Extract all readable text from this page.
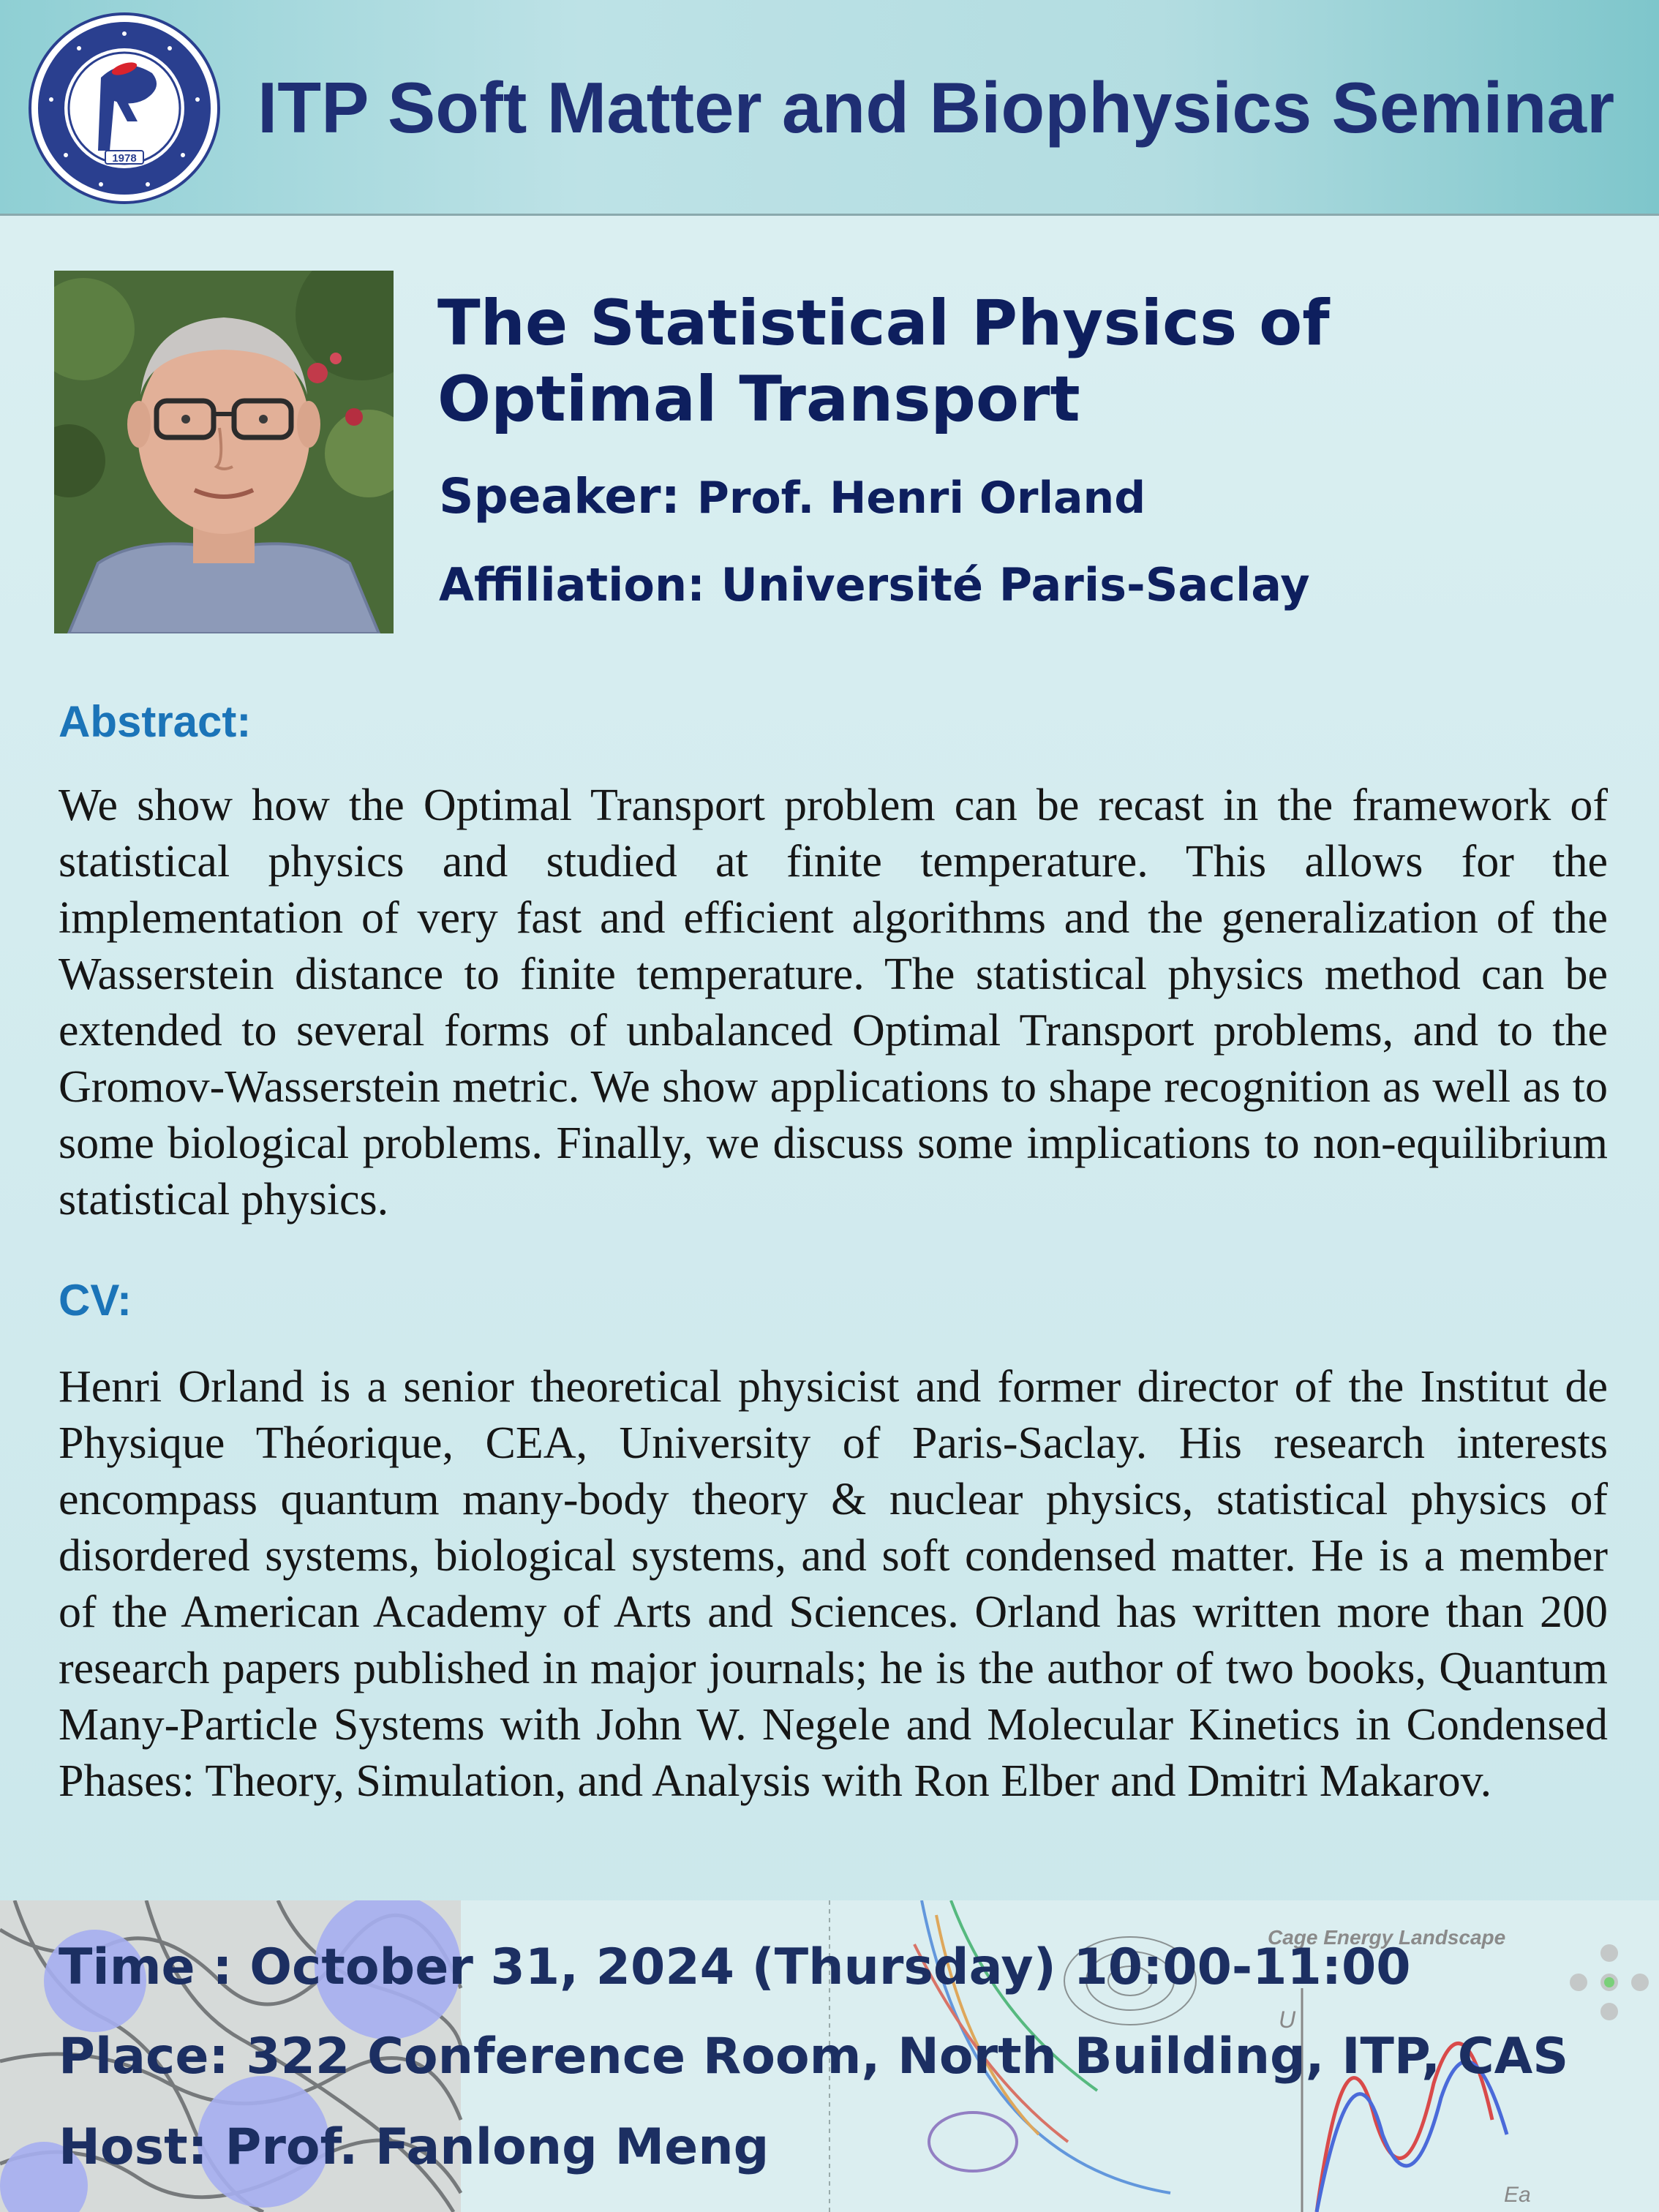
1978
ITP Soft Matter and Biophysics Seminar
The Statistical Physics of Optimal Transport
Speaker: Prof. Henri Orland
Affiliation: Université Paris-Saclay
Abstract:

We show how the Optimal Transport problem can be recast in the framework of statistical physics and studied at finite temperature. This allows for the implementation of very fast and efficient algorithms and the generalization of the Wasserstein distance to finite temperature. The statistical physics method can be extended to several forms of unbalanced Optimal Transport problems, and to the Gromov-Wasserstein metric. We show applications to shape recognition as well as to some biological problems. Finally, we discuss some implications to non-equilibrium statistical physics.

CV:

Henri Orland is a senior theoretical physicist and former director of the Institut de Physique Théorique, CEA, University of Paris-Saclay. His research interests encompass quantum many-body theory & nuclear physics, statistical physics of disordered systems, biological systems, and soft condensed matter. He is a member of the American Academy of Arts and Sciences. Orland has written more than 200 research papers published in major journals; he is the author of two books, Quantum Many-Particle Systems with John W. Negele and Molecular Kinetics in Condensed Phases: Theory, Simulation, and Analysis with Ron Elber and Dmitri Makarov.

U
Ea
Cage Energy Landscape
Time : October 31, 2024 (Thursday) 10:00-11:00
Place: 322 Conference Room, North Building, ITP, CAS
Host: Prof. Fanlong Meng
